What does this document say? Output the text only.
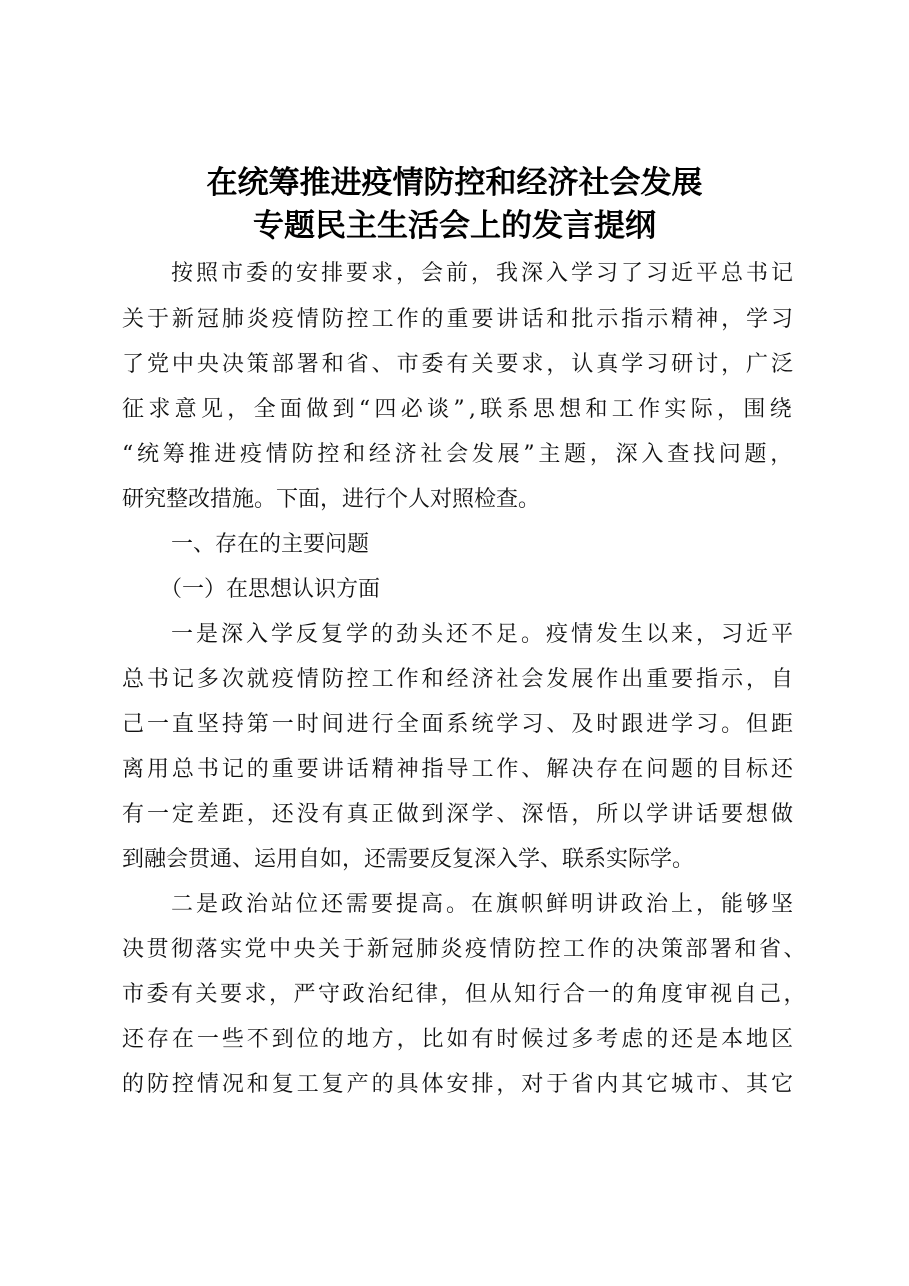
在统筹推进疫情防控和经济社会发展
专题民主生活会上的发言提纲
按照市委的安排要求，会前，我深入学习了习近平总书记
关于新冠肺炎疫情防控工作的重要讲话和批示指示精神，学习
了党中央决策部署和省、市委有关要求，认真学习研讨，广泛
征求意见，全面做到“四必谈”,联系思想和工作实际，围绕
“统筹推进疫情防控和经济社会发展”主题，深入查找问题，
研究整改措施。下面，进行个人对照检查。
一、存在的主要问题
（一）在思想认识方面
一是深入学反复学的劲头还不足。疫情发生以来，习近平
总书记多次就疫情防控工作和经济社会发展作出重要指示，自
己一直坚持第一时间进行全面系统学习、及时跟进学习。但距
离用总书记的重要讲话精神指导工作、解决存在问题的目标还
有一定差距，还没有真正做到深学、深悟，所以学讲话要想做
到融会贯通、运用自如，还需要反复深入学、联系实际学。
二是政治站位还需要提高。在旗帜鲜明讲政治上，能够坚
决贯彻落实党中央关于新冠肺炎疫情防控工作的决策部署和省、
市委有关要求，严守政治纪律，但从知行合一的角度审视自己，
还存在一些不到位的地方，比如有时候过多考虑的还是本地区
的防控情况和复工复产的具体安排，对于省内其它城市、其它
